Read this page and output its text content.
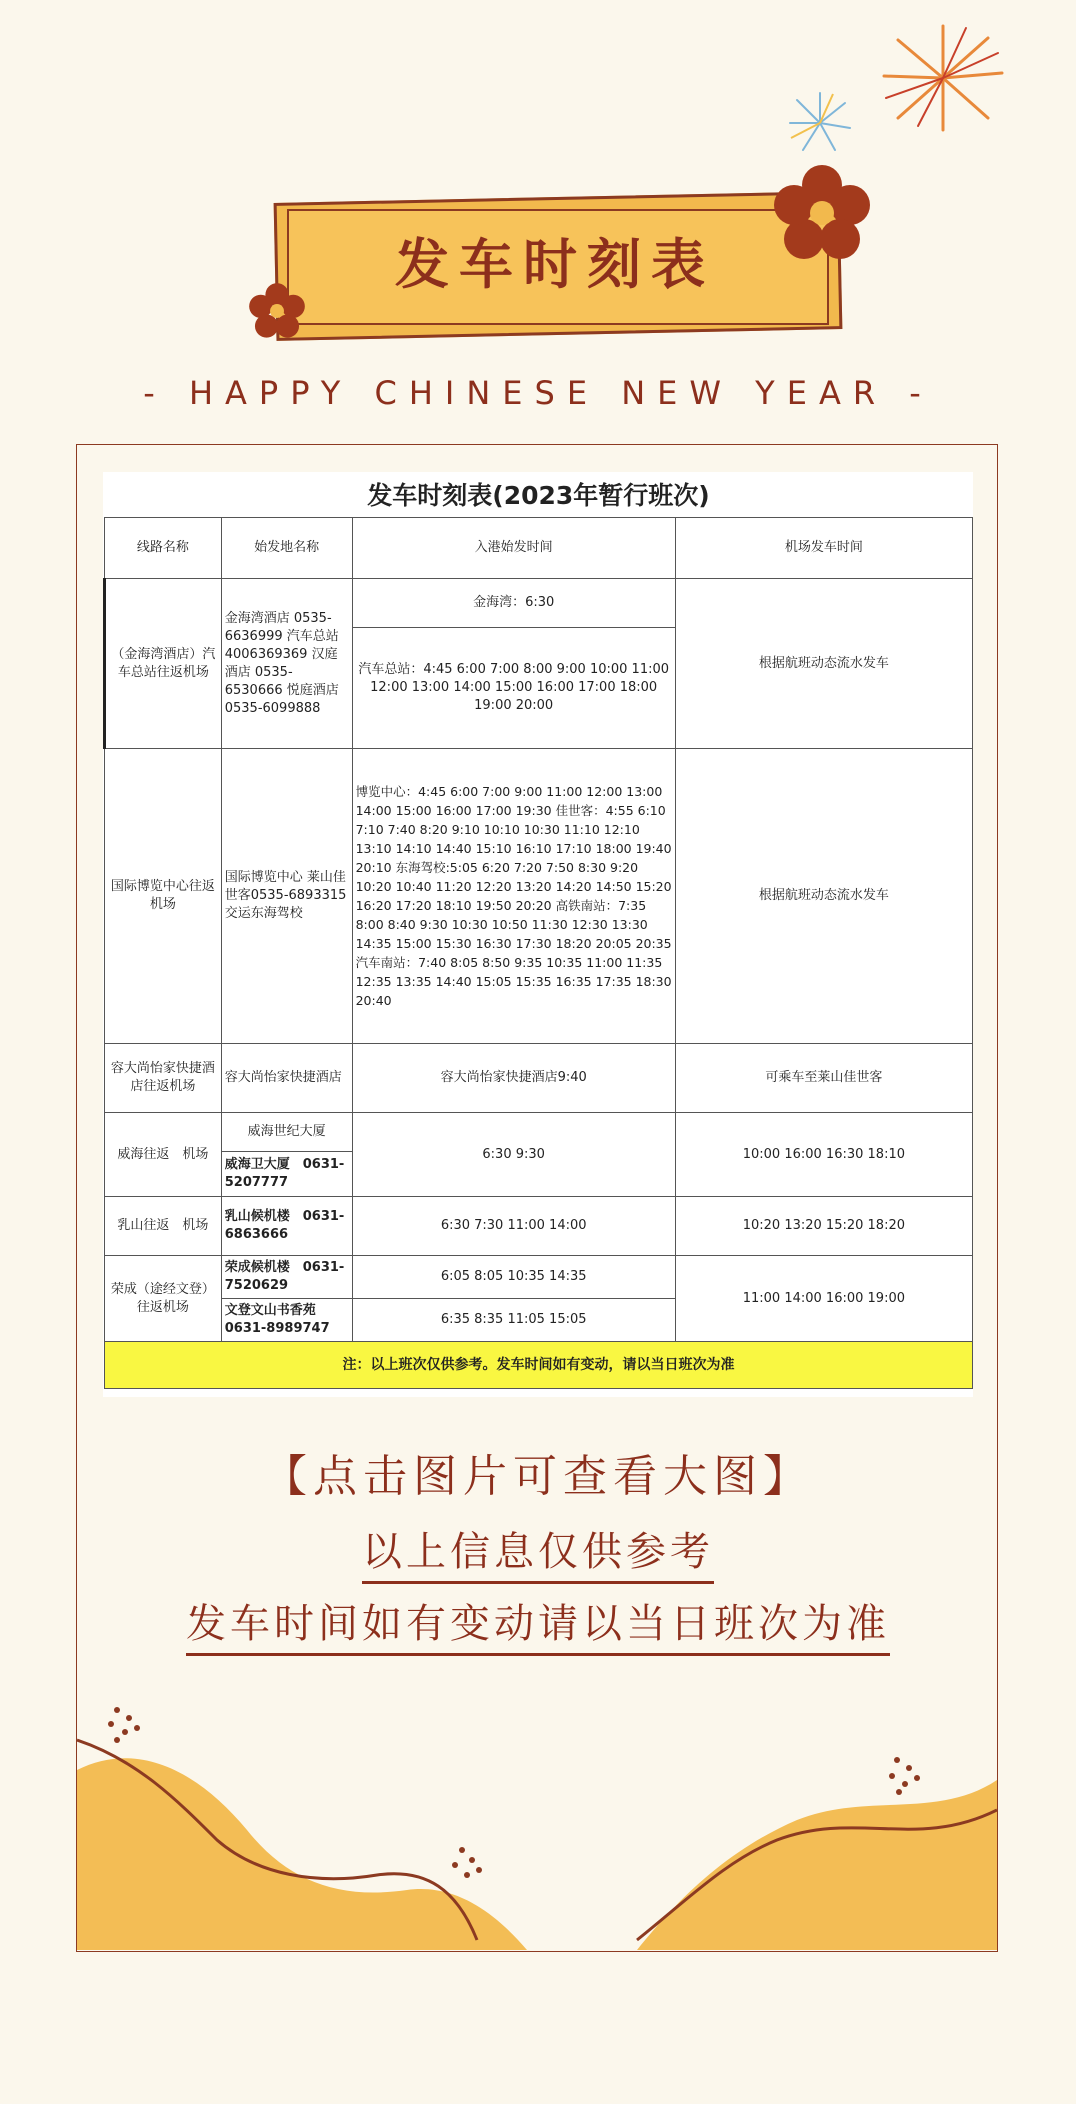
发车时刻表
- HAPPY CHINESE NEW YEAR -
发车时刻表(2023年暂行班次)			
线路名称	始发地名称	入港始发时间	机场发车时间
（金海湾酒店）汽车总站往返机场	金海湾酒店 0535-6636999 汽车总站 4006369369 汉庭酒店 0535-6530666 悦庭酒店 0535-6099888	金海湾：6:30	根据航班动态流水发车
		汽车总站：4:45 6:00 7:00 8:00 9:00 10:00 11:00 12:00 13:00 14:00 15:00 16:00 17:00 18:00 19:00 20:00	
国际博览中心往返机场	国际博览中心 莱山佳世客0535-6893315 交运东海驾校	博览中心：4:45 6:00 7:00 9:00 11:00 12:00 13:00 14:00 15:00 16:00 17:00 19:30 佳世客：4:55 6:10 7:10 7:40 8:20 9:10 10:10 10:30 11:10 12:10 13:10 14:10 14:40 15:10 16:10 17:10 18:00 19:40 20:10 东海驾校:5:05 6:20 7:20 7:50 8:30 9:20 10:20 10:40 11:20 12:20 13:20 14:20 14:50 15:20 16:20 17:20 18:10 19:50 20:20 高铁南站：7:35 8:00 8:40 9:30 10:30 10:50 11:30 12:30 13:30 14:35 15:00 15:30 16:30 17:30 18:20 20:05 20:35 汽车南站：7:40 8:05 8:50 9:35 10:35 11:00 11:35 12:35 13:35 14:40 15:05 15:35 16:35 17:35 18:30 20:40	根据航班动态流水发车
容大尚怡家快捷酒店往返机场	容大尚怡家快捷酒店	容大尚怡家快捷酒店9:40	可乘车至莱山佳世客
威海往返　机场	威海世纪大厦	6:30 9:30	10:00 16:00 16:30 18:10
	威海卫大厦　0631-5207777		
乳山往返　机场	乳山候机楼　0631-6863666	6:30 7:30 11:00 14:00	10:20 13:20 15:20 18:20
荣成（途经文登）往返机场	荣成候机楼　0631-7520629	6:05 8:05 10:35 14:35	11:00 14:00 16:00 19:00
	文登文山书香苑　0631-8989747	6:35 8:35 11:05 15:05	
注：以上班次仅供参考。发车时间如有变动，请以当日班次为准			
【点击图片可查看大图】
以上信息仅供参考
发车时间如有变动请以当日班次为准
